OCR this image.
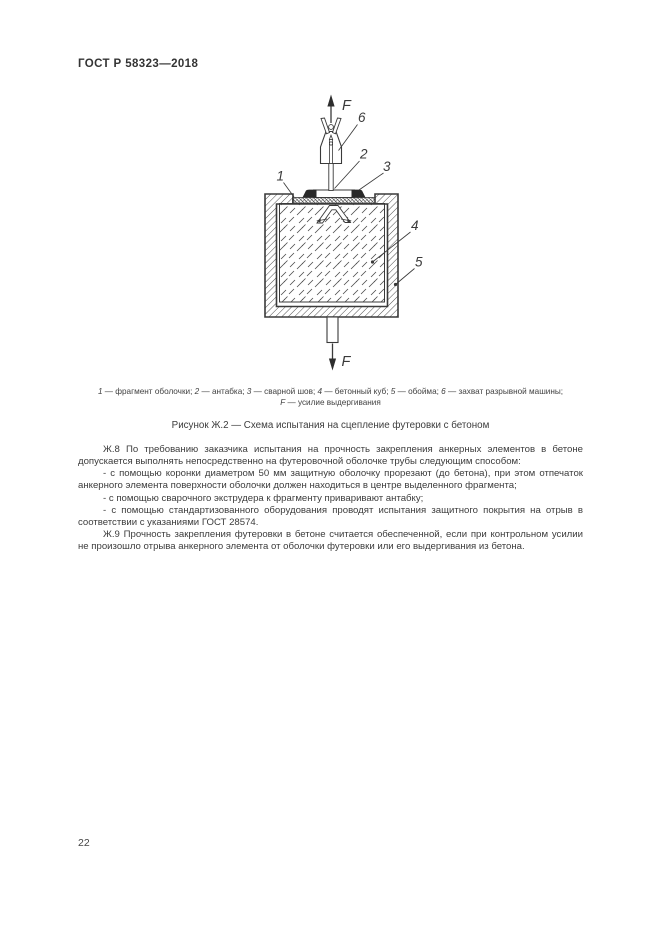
ГОСТ Р 58323—2018
F
F
1
2
3
4
5
6
1 — фрагмент оболочки; 2 — антабка; 3 — сварной шов; 4 — бетонный куб; 5 — обойма; 6 — захват разрывной машины;
F — усилие выдергивания
Рисунок Ж.2 — Схема испытания на сцепление футеровки с бетоном

Ж.8 По требованию заказчика испытания на прочность закрепления анкерных элементов в бетоне допускается выполнять непосредственно на футеровочной оболочке трубы следующим способом:

- с помощью коронки диаметром 50 мм защитную оболочку прорезают (до бетона), при этом отпечаток анкерного элемента поверхности оболочки должен находиться в центре выделенного фрагмента;

- с помощью сварочного экструдера к фрагменту приваривают антабку;

- с помощью стандартизованного оборудования проводят испытания защитного покрытия на отрыв в соответствии с указаниями ГОСТ 28574.

Ж.9 Прочность закрепления футеровки в бетоне считается обеспеченной, если при контрольном усилии не произошло отрыва анкерного элемента от оболочки футеровки или его выдергивания из бетона.

22
